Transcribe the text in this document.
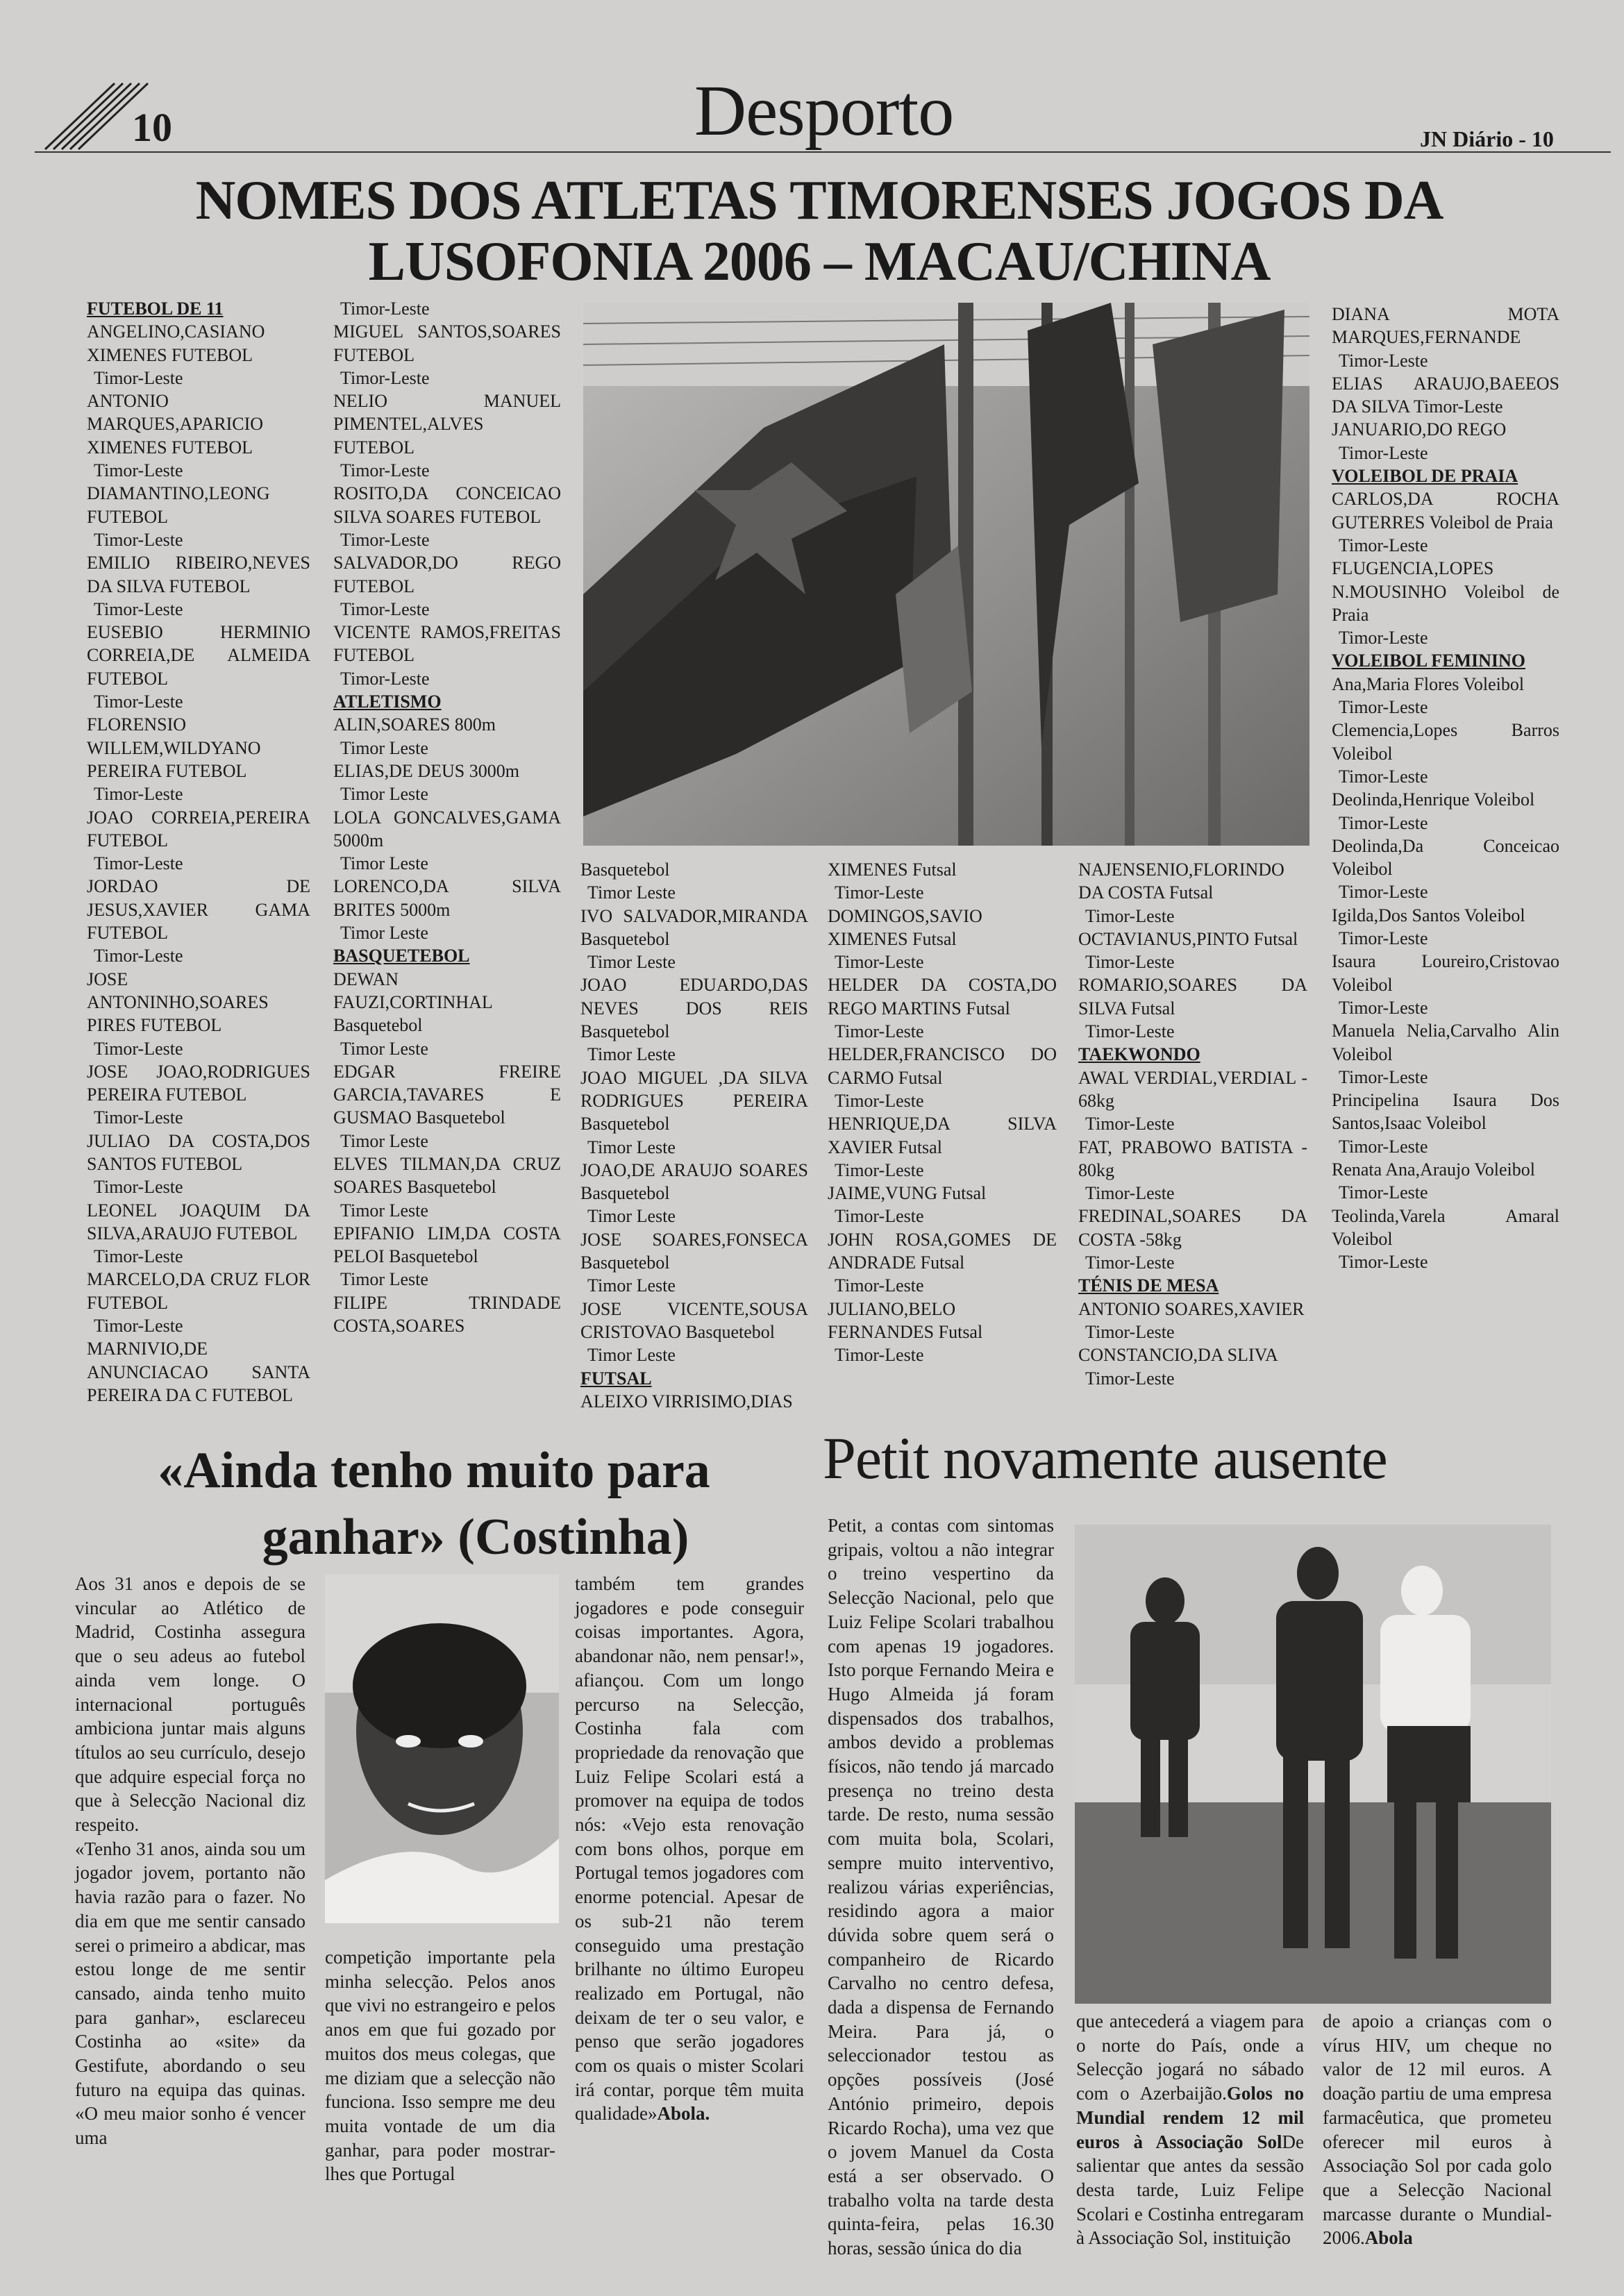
10	Desporto	JN Diário - 10
NOMES DOS ATLETAS TIMORENSES JOGOS DA
LUSOFONIA 2006 – MACAU/CHINA

FUTEBOL DE 11

ANGELINO,CASIANO XIMENES FUTEBOL

Timor-Leste

ANTONIO MARQUES,APARICIO XIMENES FUTEBOL

Timor-Leste

DIAMANTINO,LEONG FUTEBOL

Timor-Leste

EMILIO RIBEIRO,NEVES DA SILVA FUTEBOL

Timor-Leste

EUSEBIO HERMINIO CORREIA,DE ALMEIDA FUTEBOL

Timor-Leste

FLORENSIO WILLEM,WILDYANO PEREIRA FUTEBOL

Timor-Leste

JOAO CORREIA,PEREIRA FUTEBOL

Timor-Leste

JORDAO DE JESUS,XAVIER GAMA FUTEBOL

Timor-Leste

JOSE ANTONINHO,SOARES PIRES FUTEBOL

Timor-Leste

JOSE JOAO,RODRIGUES PEREIRA FUTEBOL

Timor-Leste

JULIAO DA COSTA,DOS SANTOS FUTEBOL

Timor-Leste

LEONEL JOAQUIM DA SILVA,ARAUJO FUTEBOL

Timor-Leste

MARCELO,DA CRUZ FLOR FUTEBOL

Timor-Leste

MARNIVIO,DE ANUNCIACAO SANTA PEREIRA DA C FUTEBOL

Timor-Leste

MIGUEL SANTOS,SOARES FUTEBOL

Timor-Leste

NELIO MANUEL PIMENTEL,ALVES FUTEBOL

Timor-Leste

ROSITO,DA CONCEICAO SILVA SOARES FUTEBOL

Timor-Leste

SALVADOR,DO REGO FUTEBOL

Timor-Leste

VICENTE RAMOS,FREITAS FUTEBOL

Timor-Leste

ATLETISMO

ALIN,SOARES 800m

Timor Leste

ELIAS,DE DEUS 3000m

Timor Leste

LOLA GONCALVES,GAMA 5000m

Timor Leste

LORENCO,DA SILVA BRITES 5000m

Timor Leste

BASQUETEBOL

DEWAN FAUZI,CORTINHAL Basquetebol

Timor Leste

EDGAR FREIRE GARCIA,TAVARES E GUSMAO Basquetebol

Timor Leste

ELVES TILMAN,DA CRUZ SOARES Basquetebol

Timor Leste

EPIFANIO LIM,DA COSTA PELOI Basquetebol

Timor Leste

FILIPE TRINDADE COSTA,SOARES

Basquetebol

Timor Leste

IVO SALVADOR,MIRANDA Basquetebol

Timor Leste

JOAO EDUARDO,DAS NEVES DOS REIS Basquetebol

Timor Leste

JOAO MIGUEL ,DA SILVA RODRIGUES PEREIRA Basquetebol

Timor Leste

JOAO,DE ARAUJO SOARES Basquetebol

Timor Leste

JOSE SOARES,FONSECA Basquetebol

Timor Leste

JOSE VICENTE,SOUSA CRISTOVAO Basquetebol

Timor Leste

FUTSAL

ALEIXO VIRRISIMO,DIAS

XIMENES Futsal

Timor-Leste

DOMINGOS,SAVIO XIMENES Futsal

Timor-Leste

HELDER DA COSTA,DO REGO MARTINS Futsal

Timor-Leste

HELDER,FRANCISCO DO CARMO Futsal

Timor-Leste

HENRIQUE,DA SILVA XAVIER Futsal

Timor-Leste

JAIME,VUNG Futsal

Timor-Leste

JOHN ROSA,GOMES DE ANDRADE Futsal

Timor-Leste

JULIANO,BELO FERNANDES Futsal

Timor-Leste

NAJENSENIO,FLORINDO DA COSTA Futsal

Timor-Leste

OCTAVIANUS,PINTO Futsal

Timor-Leste

ROMARIO,SOARES DA SILVA Futsal

Timor-Leste

TAEKWONDO

AWAL VERDIAL,VERDIAL - 68kg

Timor-Leste

FAT, PRABOWO BATISTA - 80kg

Timor-Leste

FREDINAL,SOARES DA COSTA -58kg

Timor-Leste

TÉNIS DE MESA

ANTONIO SOARES,XAVIER

Timor-Leste

CONSTANCIO,DA SLIVA

Timor-Leste

DIANA MOTA MARQUES,FERNANDE

Timor-Leste

ELIAS ARAUJO,BAEEOS DA SILVA Timor-Leste

JANUARIO,DO REGO

Timor-Leste

VOLEIBOL DE PRAIA

CARLOS,DA ROCHA GUTERRES Voleibol de Praia

Timor-Leste

FLUGENCIA,LOPES N.MOUSINHO Voleibol de Praia

Timor-Leste

VOLEIBOL FEMININO

Ana,Maria Flores Voleibol

Timor-Leste

Clemencia,Lopes Barros Voleibol

Timor-Leste

Deolinda,Henrique Voleibol

Timor-Leste

Deolinda,Da Conceicao Voleibol

Timor-Leste

Igilda,Dos Santos Voleibol

Timor-Leste

Isaura Loureiro,Cristovao Voleibol

Timor-Leste

Manuela Nelia,Carvalho Alin Voleibol

Timor-Leste

Principelina Isaura Dos Santos,Isaac Voleibol

Timor-Leste

Renata Ana,Araujo Voleibol

Timor-Leste

Teolinda,Varela Amaral Voleibol

Timor-Leste

«Ainda tenho muito para
ganhar» (Costinha)

Aos 31 anos e depois de se vincular ao Atlético de Madrid, Costinha assegura que o seu adeus ao futebol ainda vem longe. O internacional português ambiciona juntar mais alguns títulos ao seu currículo, desejo que adquire especial força no que à Selecção Nacional diz respeito.

«Tenho 31 anos, ainda sou um jogador jovem, portanto não havia razão para o fazer. No dia em que me sentir cansado serei o primeiro a abdicar, mas estou longe de me sentir cansado, ainda tenho muito para ganhar», esclareceu Costinha ao «site» da Gestifute, abordando o seu futuro na equipa das quinas. «O meu maior sonho é vencer uma

competição importante pela minha selecção. Pelos anos que vivi no estrangeiro e pelos anos em que fui gozado por muitos dos meus colegas, que me diziam que a selecção não funciona. Isso sempre me deu muita vontade de um dia ganhar, para poder mostrar-lhes que Portugal

também tem grandes jogadores e pode conseguir coisas importantes. Agora, abandonar não, nem pensar!», afiançou. Com um longo percurso na Selecção, Costinha fala com propriedade da renovação que Luiz Felipe Scolari está a promover na equipa de todos nós: «Vejo esta renovação com bons olhos, porque em Portugal temos jogadores com enorme potencial. Apesar de os sub-21 não terem conseguido uma prestação brilhante no último Europeu realizado em Portugal, não deixam de ter o seu valor, e penso que serão jogadores com os quais o mister Scolari irá contar, porque têm muita qualidade»Abola.

Petit novamente ausente

Petit, a contas com sintomas gripais, voltou a não integrar o treino vespertino da Selecção Nacional, pelo que Luiz Felipe Scolari trabalhou com apenas 19 jogadores. Isto porque Fernando Meira e Hugo Almeida já foram dispensados dos trabalhos, ambos devido a problemas físicos, não tendo já marcado presença no treino desta tarde. De resto, numa sessão com muita bola, Scolari, sempre muito interventivo, realizou várias experiências, residindo agora a maior dúvida sobre quem será o companheiro de Ricardo Carvalho no centro defesa, dada a dispensa de Fernando Meira. Para já, o seleccionador testou as opções possíveis (José António primeiro, depois Ricardo Rocha), uma vez que o jovem Manuel da Costa está a ser observado. O trabalho volta na tarde desta quinta-feira, pelas 16.30 horas, sessão única do dia

que antecederá a viagem para o norte do País, onde a Selecção jogará no sábado com o Azerbaijão.Golos no Mundial rendem 12 mil euros à Associação SolDe salientar que antes da sessão desta tarde, Luiz Felipe Scolari e Costinha entregaram à Associação Sol, instituição

de apoio a crianças com o vírus HIV, um cheque no valor de 12 mil euros. A doação partiu de uma empresa farmacêutica, que prometeu oferecer mil euros à Associação Sol por cada golo que a Selecção Nacional marcasse durante o Mundial-2006.Abola
